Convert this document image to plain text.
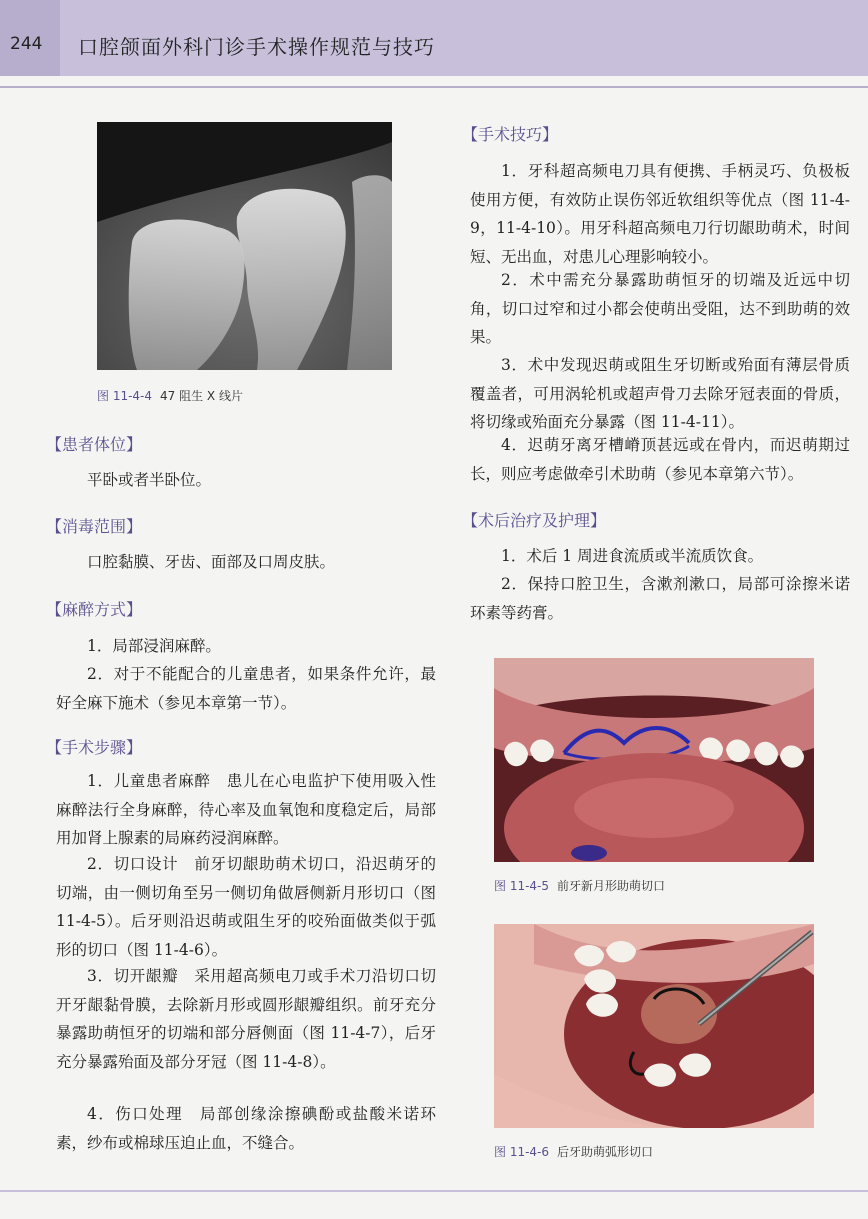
244 口腔颌面外科门诊手术操作规范与技巧
图 11-4-4 47 阻生 X 线片
【患者体位】
平卧或者半卧位。
【消毒范围】
口腔黏膜、牙齿、面部及口周皮肤。
【麻醉方式】
1．局部浸润麻醉。
2．对于不能配合的儿童患者，如果条件允许，最好全麻下施术（参见本章第一节）。
【手术步骤】
1．儿童患者麻醉　患儿在心电监护下使用吸入性麻醉法行全身麻醉，待心率及血氧饱和度稳定后，局部用加肾上腺素的局麻药浸润麻醉。
2．切口设计　前牙切龈助萌术切口，沿迟萌牙的切端，由一侧切角至另一侧切角做唇侧新月形切口（图 11-4-5）。后牙则沿迟萌或阻生牙的咬殆面做类似于弧形的切口（图 11-4-6）。
3．切开龈瓣　采用超高频电刀或手术刀沿切口切开牙龈黏骨膜，去除新月形或圆形龈瓣组织。前牙充分暴露助萌恒牙的切端和部分唇侧面（图 11-4-7），后牙充分暴露殆面及部分牙冠（图 11-4-8）。
4．伤口处理　局部创缘涂擦碘酚或盐酸米诺环素，纱布或棉球压迫止血，不缝合。
【手术技巧】
1．牙科超高频电刀具有便携、手柄灵巧、负极板使用方便，有效防止误伤邻近软组织等优点（图 11-4-9，11-4-10）。用牙科超高频电刀行切龈助萌术，时间短、无出血，对患儿心理影响较小。
2．术中需充分暴露助萌恒牙的切端及近远中切角，切口过窄和过小都会使萌出受阻，达不到助萌的效果。
3．术中发现迟萌或阻生牙切断或殆面有薄层骨质覆盖者，可用涡轮机或超声骨刀去除牙冠表面的骨质，将切缘或殆面充分暴露（图 11-4-11）。
4．迟萌牙离牙槽嵴顶甚远或在骨内，而迟萌期过长，则应考虑做牵引术助萌（参见本章第六节）。
【术后治疗及护理】
1．术后 1 周进食流质或半流质饮食。
2．保持口腔卫生，含漱剂漱口，局部可涂擦米诺环素等药膏。
图 11-4-5 前牙新月形助萌切口
图 11-4-6 后牙助萌弧形切口
